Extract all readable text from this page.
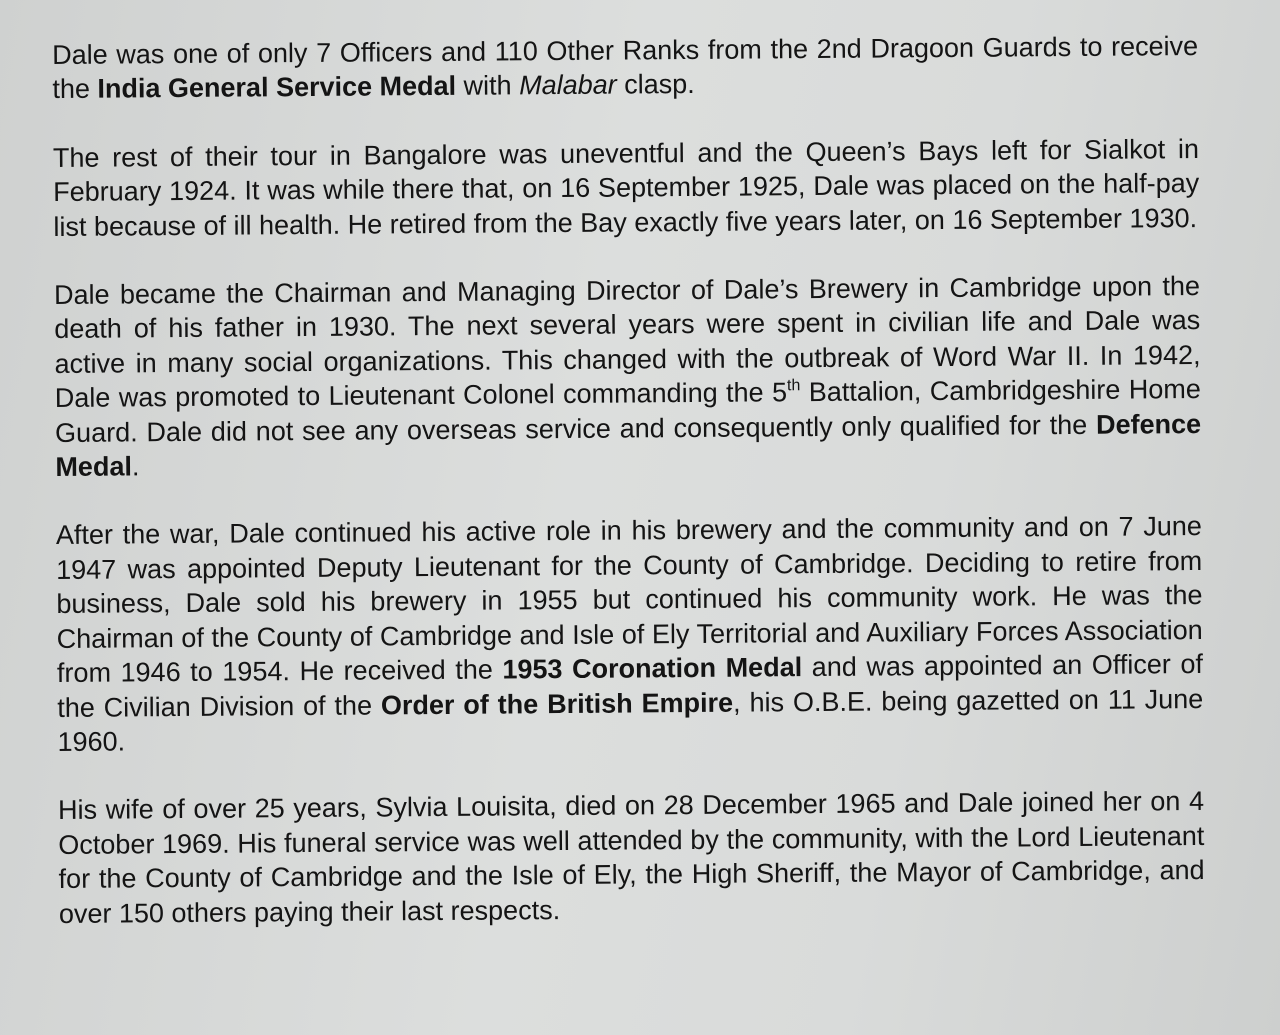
Dale was one of only 7 Officers and 110 Other Ranks from the 2nd Dragoon Guards to receive the India General Service Medal with Malabar clasp.

The rest of their tour in Bangalore was uneventful and the Queen’s Bays left for Sialkot in February 1924. It was while there that, on 16 September 1925, Dale was placed on the half-pay list because of ill health. He retired from the Bay exactly five years later, on 16 September 1930.

Dale became the Chairman and Managing Director of Dale’s Brewery in Cambridge upon the death of his father in 1930. The next several years were spent in civilian life and Dale was active in many social organizations. This changed with the outbreak of Word War II. In 1942, Dale was promoted to Lieutenant Colonel commanding the 5th Battalion, Cambridgeshire Home Guard. Dale did not see any overseas service and consequently only qualified for the Defence Medal.

After the war, Dale continued his active role in his brewery and the community and on 7 June 1947 was appointed Deputy Lieutenant for the County of Cambridge. Deciding to retire from business, Dale sold his brewery in 1955 but continued his community work. He was the Chairman of the County of Cambridge and Isle of Ely Territorial and Auxiliary Forces Association from 1946 to 1954. He received the 1953 Coronation Medal and was appointed an Officer of the Civilian Division of the Order of the British Empire, his O.B.E. being gazetted on 11 June 1960.

His wife of over 25 years, Sylvia Louisita, died on 28 December 1965 and Dale joined her on 4 October 1969. His funeral service was well attended by the community, with the Lord Lieutenant for the County of Cambridge and the Isle of Ely, the High Sheriff, the Mayor of Cambridge, and over 150 others paying their last respects.
